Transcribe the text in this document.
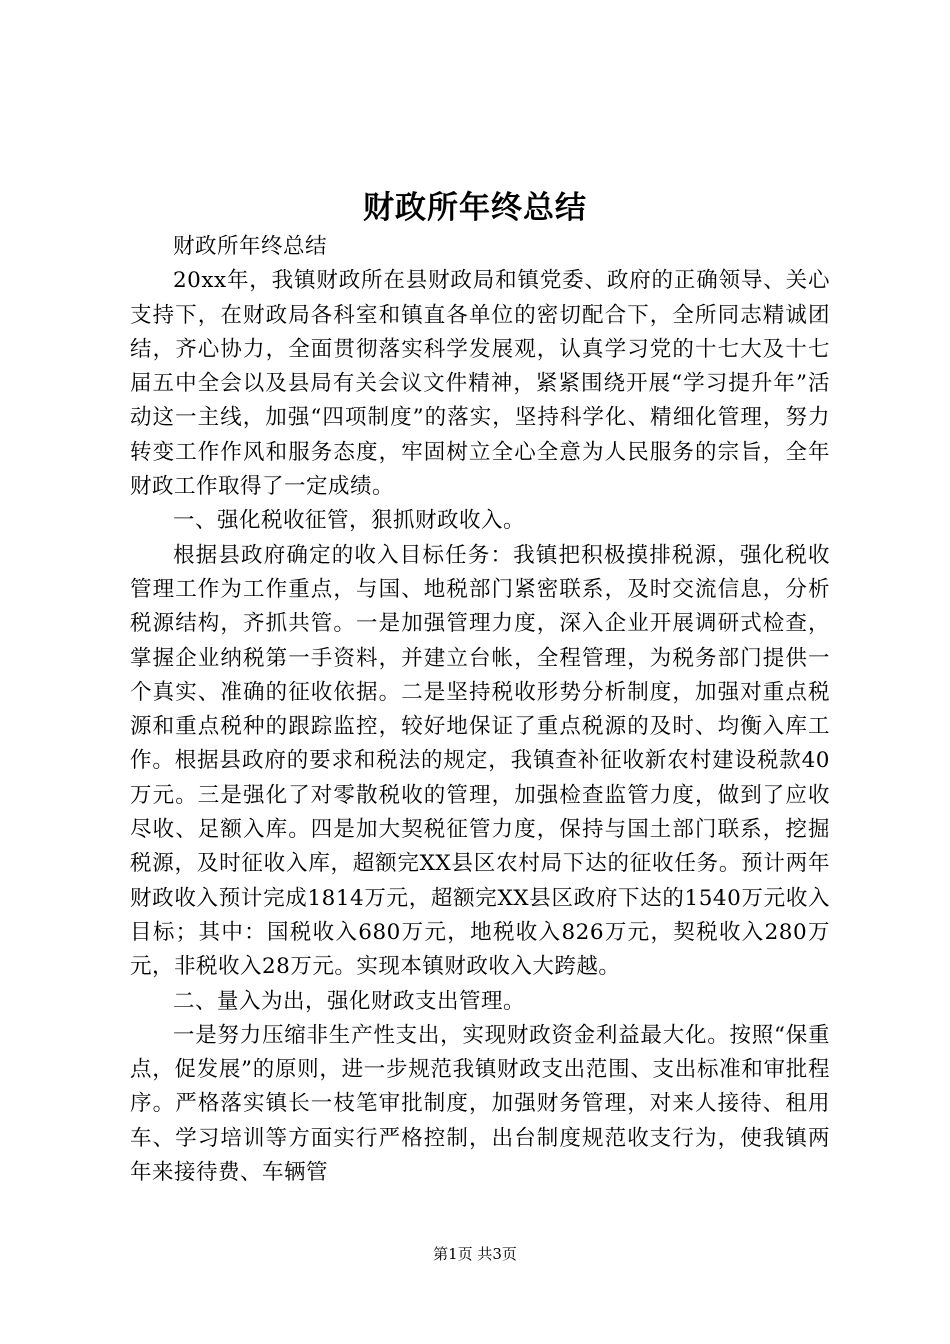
财政所年终总结

财政所年终总结

20xx年，我镇财政所在县财政局和镇党委、政府的正确领导、关心支持下，在财政局各科室和镇直各单位的密切配合下，全所同志精诚团结，齐心协力，全面贯彻落实科学发展观，认真学习党的十七大及十七届五中全会以及县局有关会议文件精神，紧紧围绕开展“学习提升年”活动这一主线，加强“四项制度”的落实，坚持科学化、精细化管理，努力转变工作作风和服务态度，牢固树立全心全意为人民服务的宗旨，全年财政工作取得了一定成绩。

一、强化税收征管，狠抓财政收入。

根据县政府确定的收入目标任务：我镇把积极摸排税源，强化税收管理工作为工作重点，与国、地税部门紧密联系，及时交流信息，分析税源结构，齐抓共管。一是加强管理力度，深入企业开展调研式检查，掌握企业纳税第一手资料，并建立台帐，全程管理，为税务部门提供一个真实、准确的征收依据。二是坚持税收形势分析制度，加强对重点税源和重点税种的跟踪监控，较好地保证了重点税源的及时、均衡入库工作。根据县政府的要求和税法的规定，我镇查补征收新农村建设税款40万元。三是强化了对零散税收的管理，加强检查监管力度，做到了应收尽收、足额入库。四是加大契税征管力度，保持与国土部门联系，挖掘税源，及时征收入库，超额完XX县区农村局下达的征收任务。预计两年财政收入预计完成1814万元，超额完XX县区政府下达的1540万元收入目标；其中：国税收入680万元，地税收入826万元，契税收入280万元，非税收入28万元。实现本镇财政收入大跨越。

二、量入为出，强化财政支出管理。

一是努力压缩非生产性支出，实现财政资金利益最大化。按照“保重点，促发展”的原则，进一步规范我镇财政支出范围、支出标准和审批程序。严格落实镇长一枝笔审批制度，加强财务管理，对来人接待、租用车、学习培训等方面实行严格控制，出台制度规范收支行为，使我镇两年来接待费、车辆管

第1页 共3页
